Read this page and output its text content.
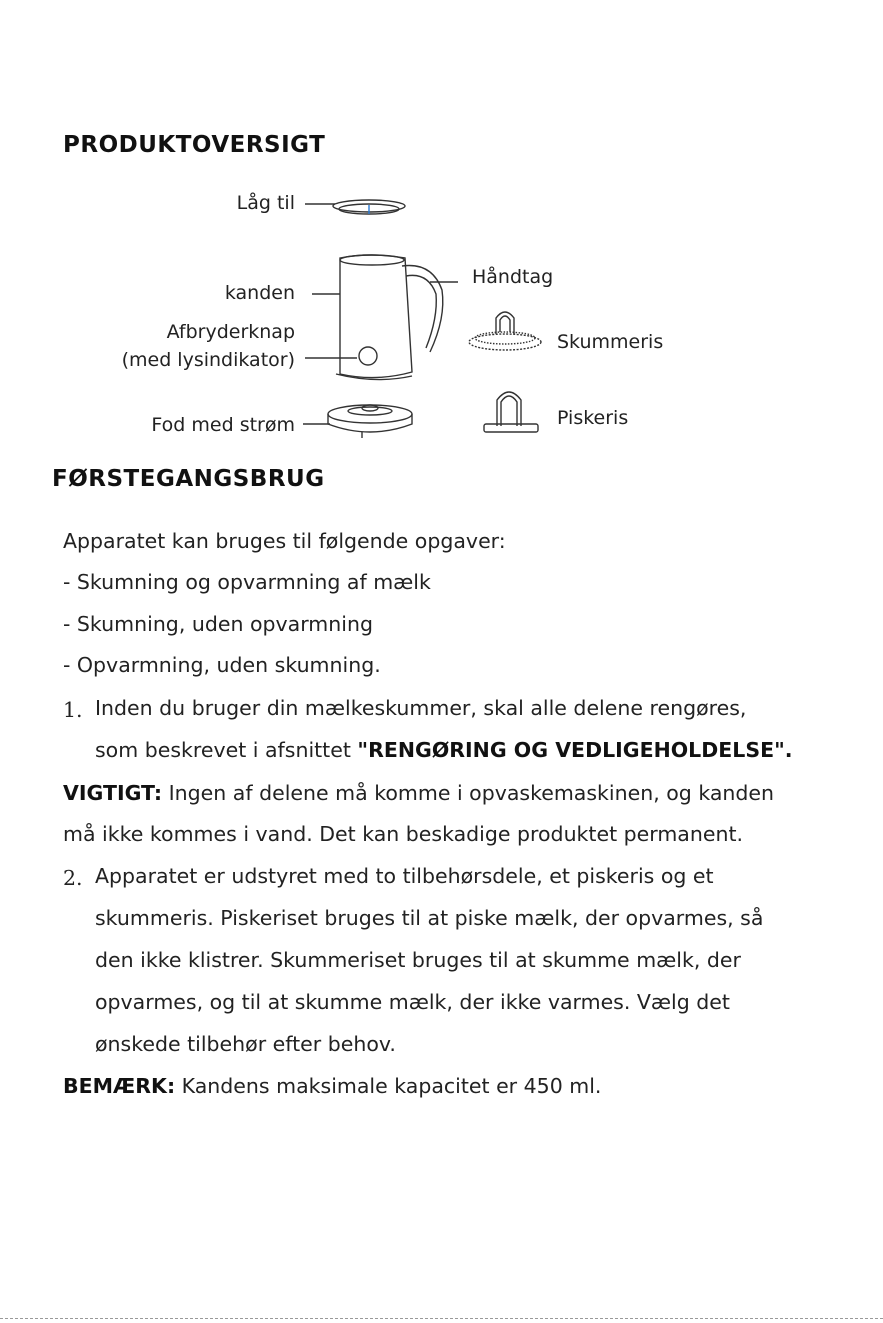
PRODUKTOVERSIGT
Låg til
kanden
Afbryderknap
(med lysindikator)
Fod med strøm
Håndtag
Skummeris
Piskeris
FØRSTEGANGSBRUG
Apparatet kan bruges til følgende opgaver:
- Skumning og opvarmning af mælk
- Skumning, uden opvarmning
- Opvarmning, uden skumning.
1. Inden du bruger din mælkeskummer, skal alle delene rengøres,
som beskrevet i afsnittet "RENGØRING OG VEDLIGEHOLDELSE".
VIGTIGT: Ingen af delene må komme i opvaskemaskinen, og kanden
må ikke kommes i vand. Det kan beskadige produktet permanent.
2. Apparatet er udstyret med to tilbehørsdele, et piskeris og et
skummeris. Piskeriset bruges til at piske mælk, der opvarmes, så
den ikke klistrer. Skummeriset bruges til at skumme mælk, der
opvarmes, og til at skumme mælk, der ikke varmes. Vælg det
ønskede tilbehør efter behov.
BEMÆRK: Kandens maksimale kapacitet er 450 ml.
